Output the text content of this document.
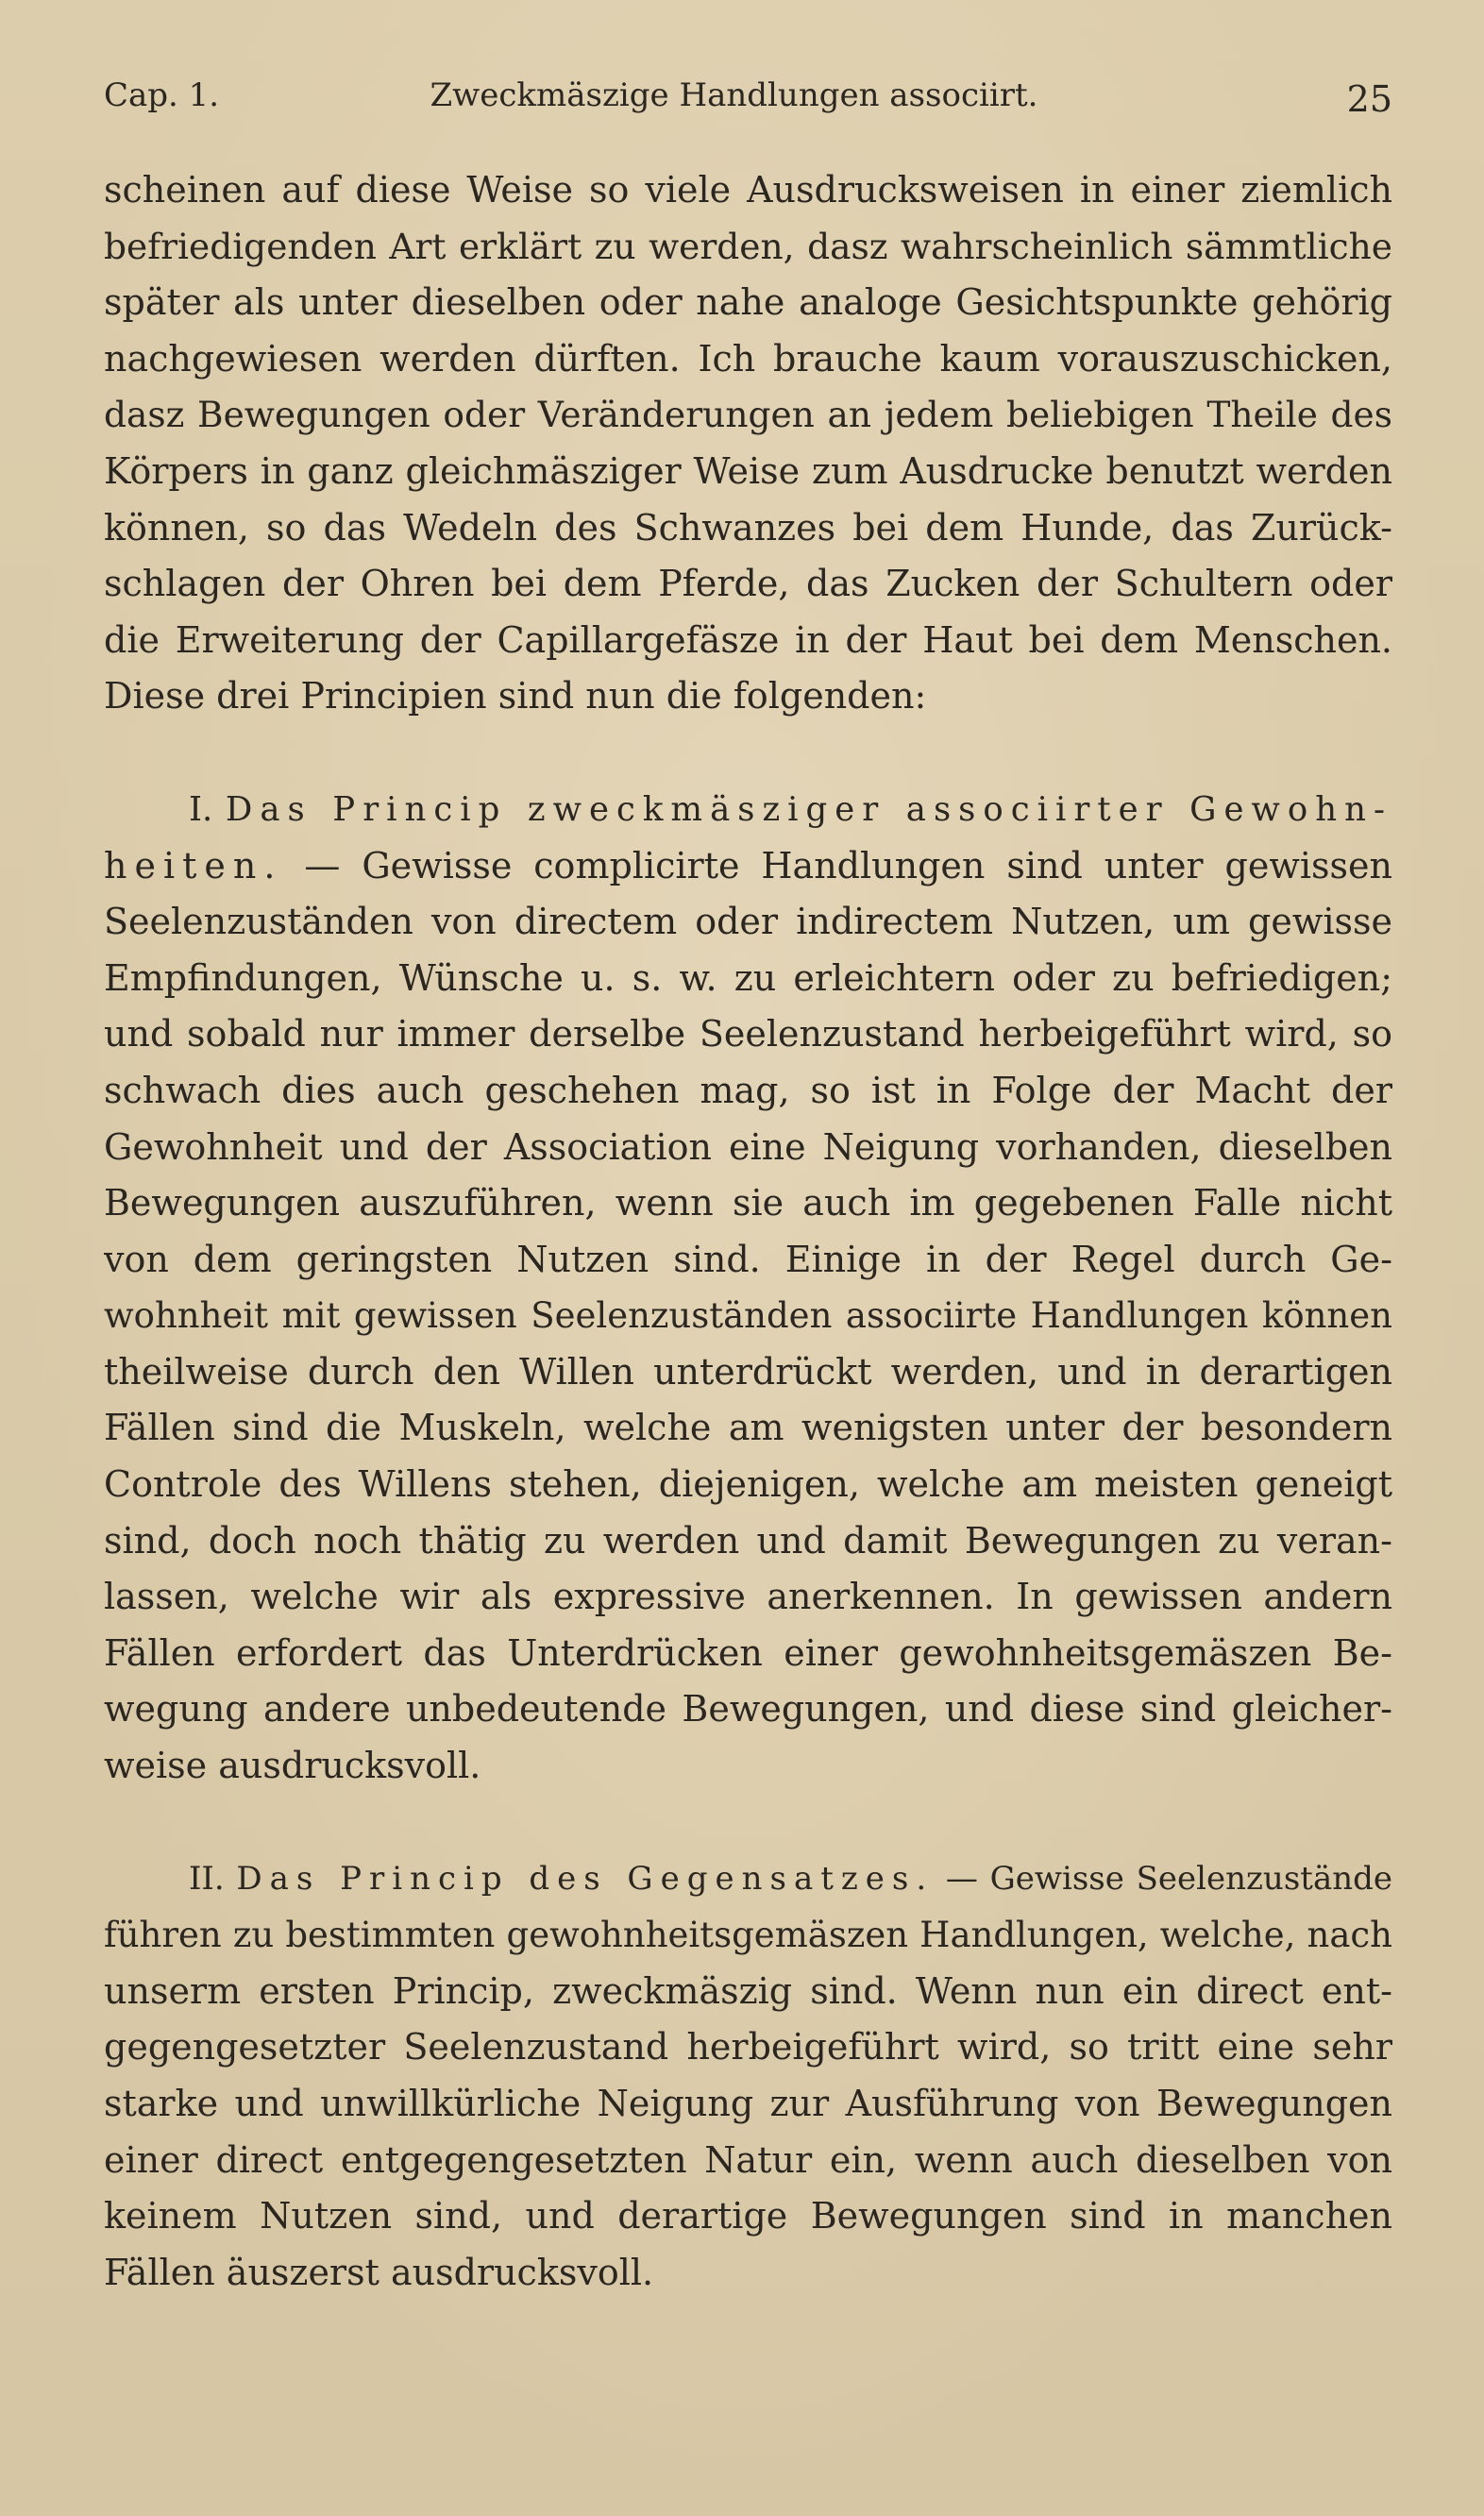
Cap. 1.	Zweckmäszige Handlungen associirt.	25

scheinen auf diese Weise so viele Ausdrucksweisen in einer ziemlich
befriedigenden Art erklärt zu werden, dasz wahrscheinlich sämmtliche
später als unter dieselben oder nahe analoge Gesichtspunkte gehörig
nachgewiesen werden dürften. Ich brauche kaum vorauszuschicken,
dasz Bewegungen oder Veränderungen an jedem beliebigen Theile des
Körpers in ganz gleichmäsziger Weise zum Ausdrucke benutzt werden
können, so das Wedeln des Schwanzes bei dem Hunde, das Zurück-
schlagen der Ohren bei dem Pferde, das Zucken der Schultern oder
die Erweiterung der Capillargefäsze in der Haut bei dem Menschen.
Diese drei Principien sind nun die folgenden:

I. Das Princip zweckmäsziger associirter Gewohn-
heiten. — Gewisse complicirte Handlungen sind unter gewissen
Seelenzuständen von directem oder indirectem Nutzen, um gewisse
Empfindungen, Wünsche u. s. w. zu erleichtern oder zu befriedigen;
und sobald nur immer derselbe Seelenzustand herbeigeführt wird, so
schwach dies auch geschehen mag, so ist in Folge der Macht der
Gewohnheit und der Association eine Neigung vorhanden, dieselben
Bewegungen auszuführen, wenn sie auch im gegebenen Falle nicht
von dem geringsten Nutzen sind. Einige in der Regel durch Ge-
wohnheit mit gewissen Seelenzuständen associirte Handlungen können
theilweise durch den Willen unterdrückt werden, und in derartigen
Fällen sind die Muskeln, welche am wenigsten unter der besondern
Controle des Willens stehen, diejenigen, welche am meisten geneigt
sind, doch noch thätig zu werden und damit Bewegungen zu veran-
lassen, welche wir als expressive anerkennen. In gewissen andern
Fällen erfordert das Unterdrücken einer gewohnheitsgemäszen Be-
wegung andere unbedeutende Bewegungen, und diese sind gleicher-
weise ausdrucksvoll.

II. Das Princip des Gegensatzes. — Gewisse Seelenzustände
führen zu bestimmten gewohnheitsgemäszen Handlungen, welche, nach
unserm ersten Princip, zweckmäszig sind. Wenn nun ein direct ent-
gegengesetzter Seelenzustand herbeigeführt wird, so tritt eine sehr
starke und unwillkürliche Neigung zur Ausführung von Bewegungen
einer direct entgegengesetzten Natur ein, wenn auch dieselben von
keinem Nutzen sind, und derartige Bewegungen sind in manchen
Fällen äuszerst ausdrucksvoll.
